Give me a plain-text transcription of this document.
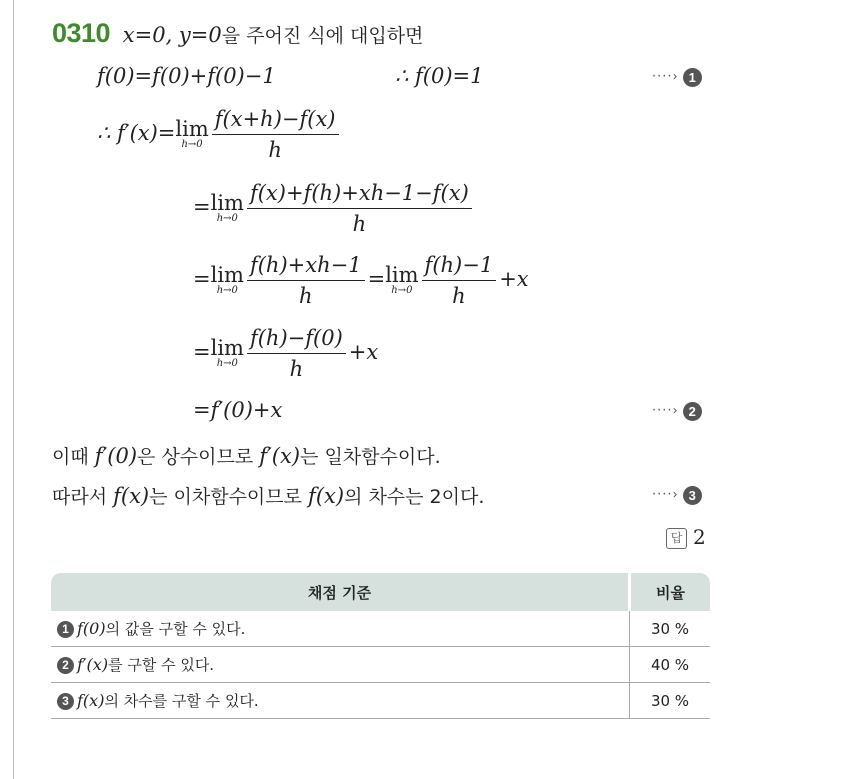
0310 x=0, y=0을 주어진 식에 대입하면
f(0)=f(0)+f(0)−1	∴ f(0)=1	····› 1
∴ f′(x)=lim
$h\to 0 \frac{f(x+h)-f(x)}{h}$
=lim
$h\to 0 \frac{f(x)+f(h)+xh-1-f(x)}{h}$
=lim
$h\to 0 \frac{f(h)+xh-1}{h} =\lim$
$h\to 0 \frac{f(h)-1}{h} +x$
=lim
$h\to 0 \frac{f(h)-f(0)}{h} +x$
=f′(0)+x	····› 2
이때 f′(0)은 상수이므로 f′(x)는 일차함수이다.
따라서 f(x)는 이차함수이므로 f(x)의 차수는 2이다.	····› 3
답 2
채점 기준	비율
1 f(0)의 값을 구할 수 있다.	30 %
2 f′(x)를 구할 수 있다.	40 %
3 f(x)의 차수를 구할 수 있다.	30 %
